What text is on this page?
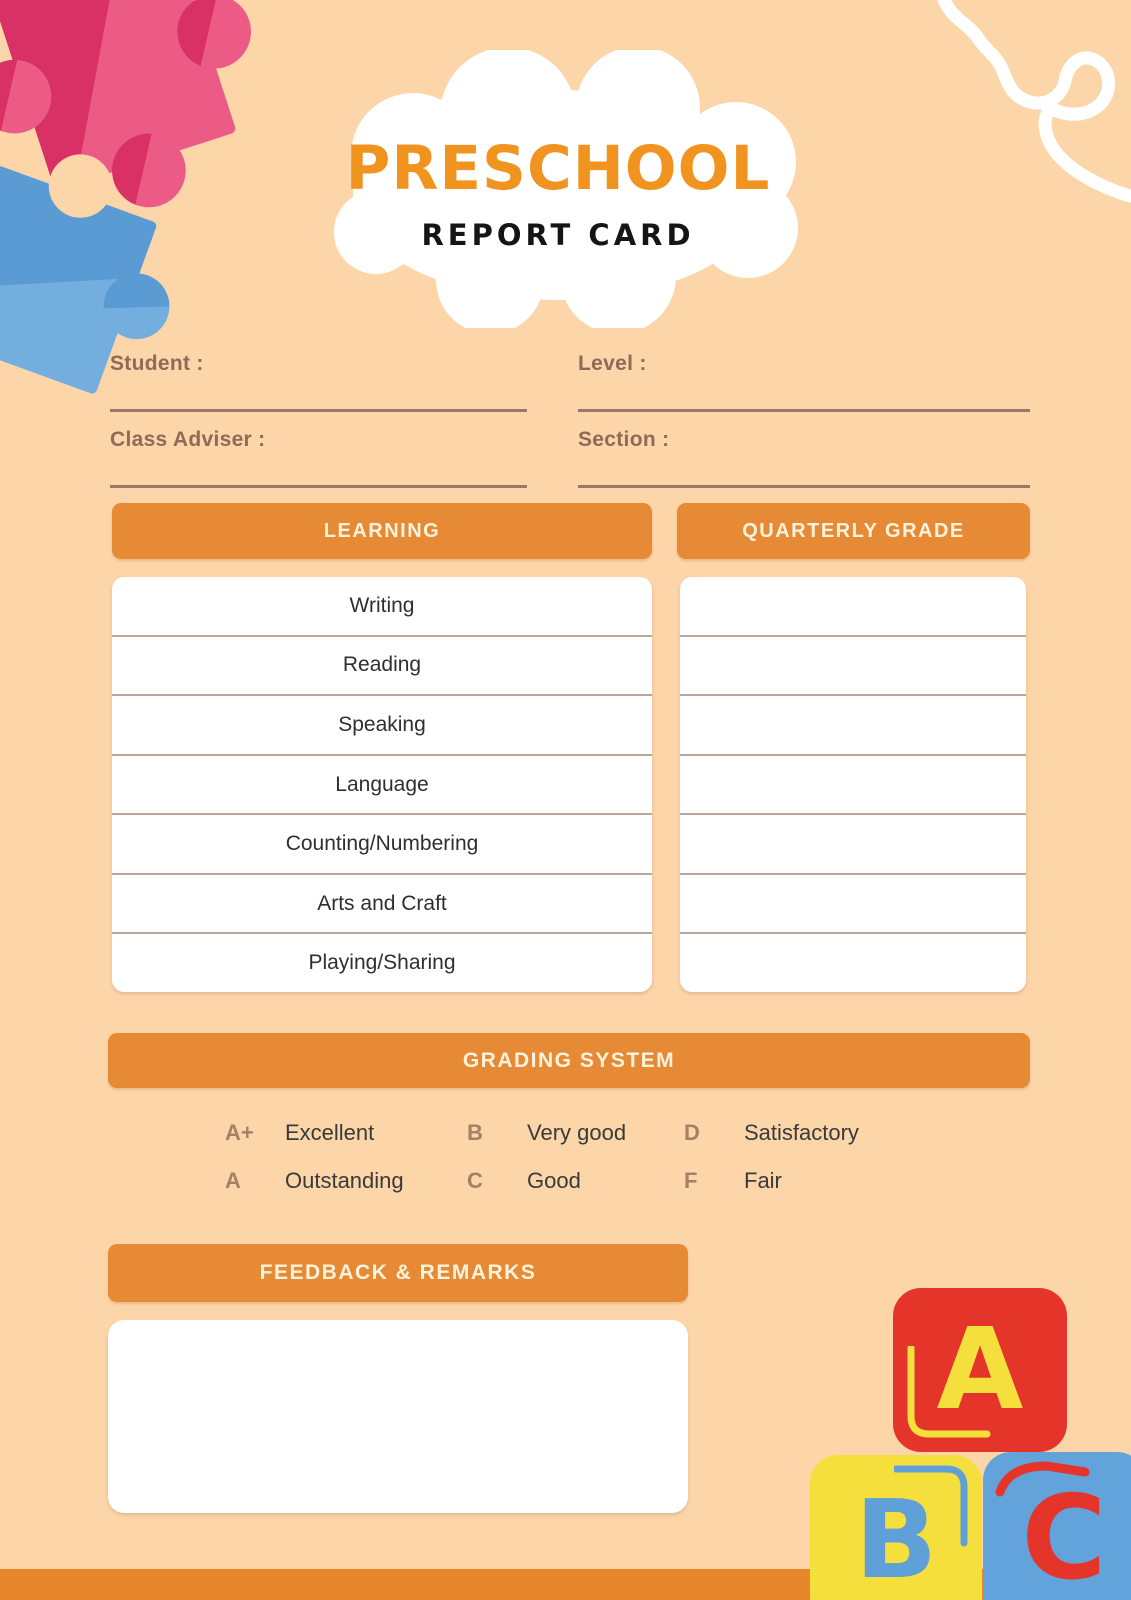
PRESCHOOL
REPORT CARD
Student :	Level :
Class Adviser :	Section :
LEARNING	QUARTERLY GRADE
Writing
Reading
Speaking
Language
Counting/Numbering
Arts and Craft
Playing/Sharing
GRADING SYSTEM
A+	Excellent	B	Very good	D	Satisfactory
A	Outstanding	C	Good	F	Fair
FEEDBACK & REMARKS
A
B C
